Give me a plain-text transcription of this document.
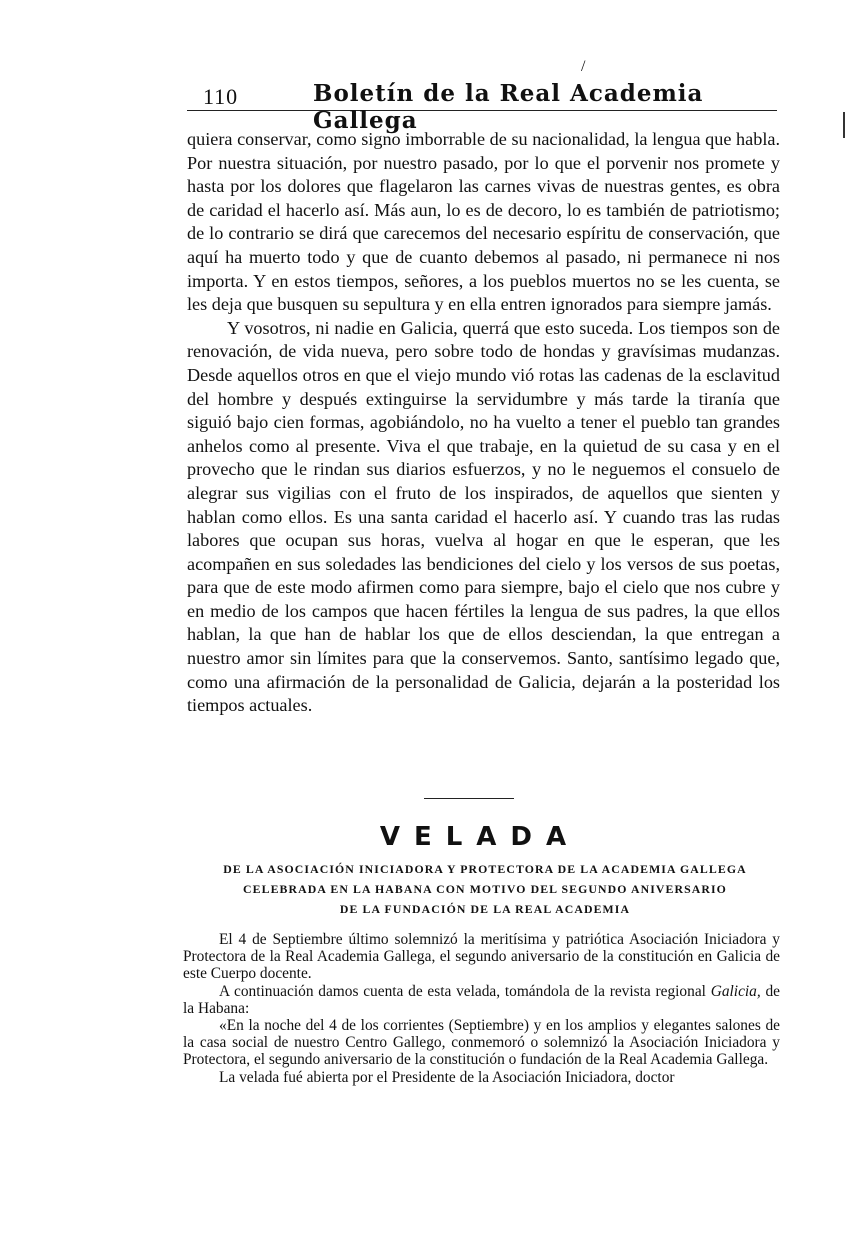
/
110	Boletín de la Real Academia Gallega

quiera conservar, como signo imborrable de su nacionalidad, la lengua que habla. Por nuestra situación, por nuestro pasado, por lo que el porvenir nos promete y hasta por los dolores que flagelaron las carnes vivas de nuestras gentes, es obra de caridad el hacerlo así. Más aun, lo es de decoro, lo es también de patriotismo; de lo contrario se dirá que carecemos del necesario espíritu de conservación, que aquí ha muerto todo y que de cuanto debemos al pasado, ni permanece ni nos importa. Y en estos tiempos, señores, a los pueblos muertos no se les cuenta, se les deja que busquen su sepultura y en ella entren ignorados para siempre jamás.

Y vosotros, ni nadie en Galicia, querrá que esto suceda. Los tiempos son de renovación, de vida nueva, pero sobre todo de hondas y gravísimas mudanzas. Desde aquellos otros en que el viejo mundo vió rotas las cadenas de la esclavitud del hombre y después extinguirse la servidumbre y más tarde la tiranía que siguió bajo cien formas, agobiándolo, no ha vuelto a tener el pueblo tan grandes anhelos como al presente. Viva el que trabaje, en la quietud de su casa y en el provecho que le rindan sus diarios esfuerzos, y no le neguemos el consuelo de alegrar sus vigilias con el fruto de los inspirados, de aquellos que sienten y hablan como ellos. Es una santa caridad el hacerlo así. Y cuando tras las rudas labores que ocupan sus horas, vuelva al hogar en que le esperan, que les acompañen en sus soledades las bendiciones del cielo y los versos de sus poetas, para que de este modo afirmen como para siempre, bajo el cielo que nos cubre y en medio de los campos que hacen fértiles la lengua de sus padres, la que ellos hablan, la que han de hablar los que de ellos desciendan, la que entregan a nuestro amor sin límites para que la conservemos. Santo, santísimo legado que, como una afirmación de la personalidad de Galicia, dejarán a la posteridad los tiempos actuales.

VELADA
DE LA ASOCIACIÓN INICIADORA Y PROTECTORA DE LA ACADEMIA GALLEGA
CELEBRADA EN LA HABANA CON MOTIVO DEL SEGUNDO ANIVERSARIO
DE LA FUNDACIÓN DE LA REAL ACADEMIA

El 4 de Septiembre último solemnizó la meritísima y patriótica Asociación Iniciadora y Protectora de la Real Academia Gallega, el segundo aniversario de la constitución en Galicia de este Cuerpo docente.

A continuación damos cuenta de esta velada, tomándola de la revista regional Galicia, de la Habana:

«En la noche del 4 de los corrientes (Septiembre) y en los amplios y elegantes salones de la casa social de nuestro Centro Gallego, conmemoró o solemnizó la Asociación Iniciadora y Protectora, el segundo aniversario de la constitución o fundación de la Real Academia Gallega.

La velada fué abierta por el Presidente de la Asociación Iniciadora, doctor
